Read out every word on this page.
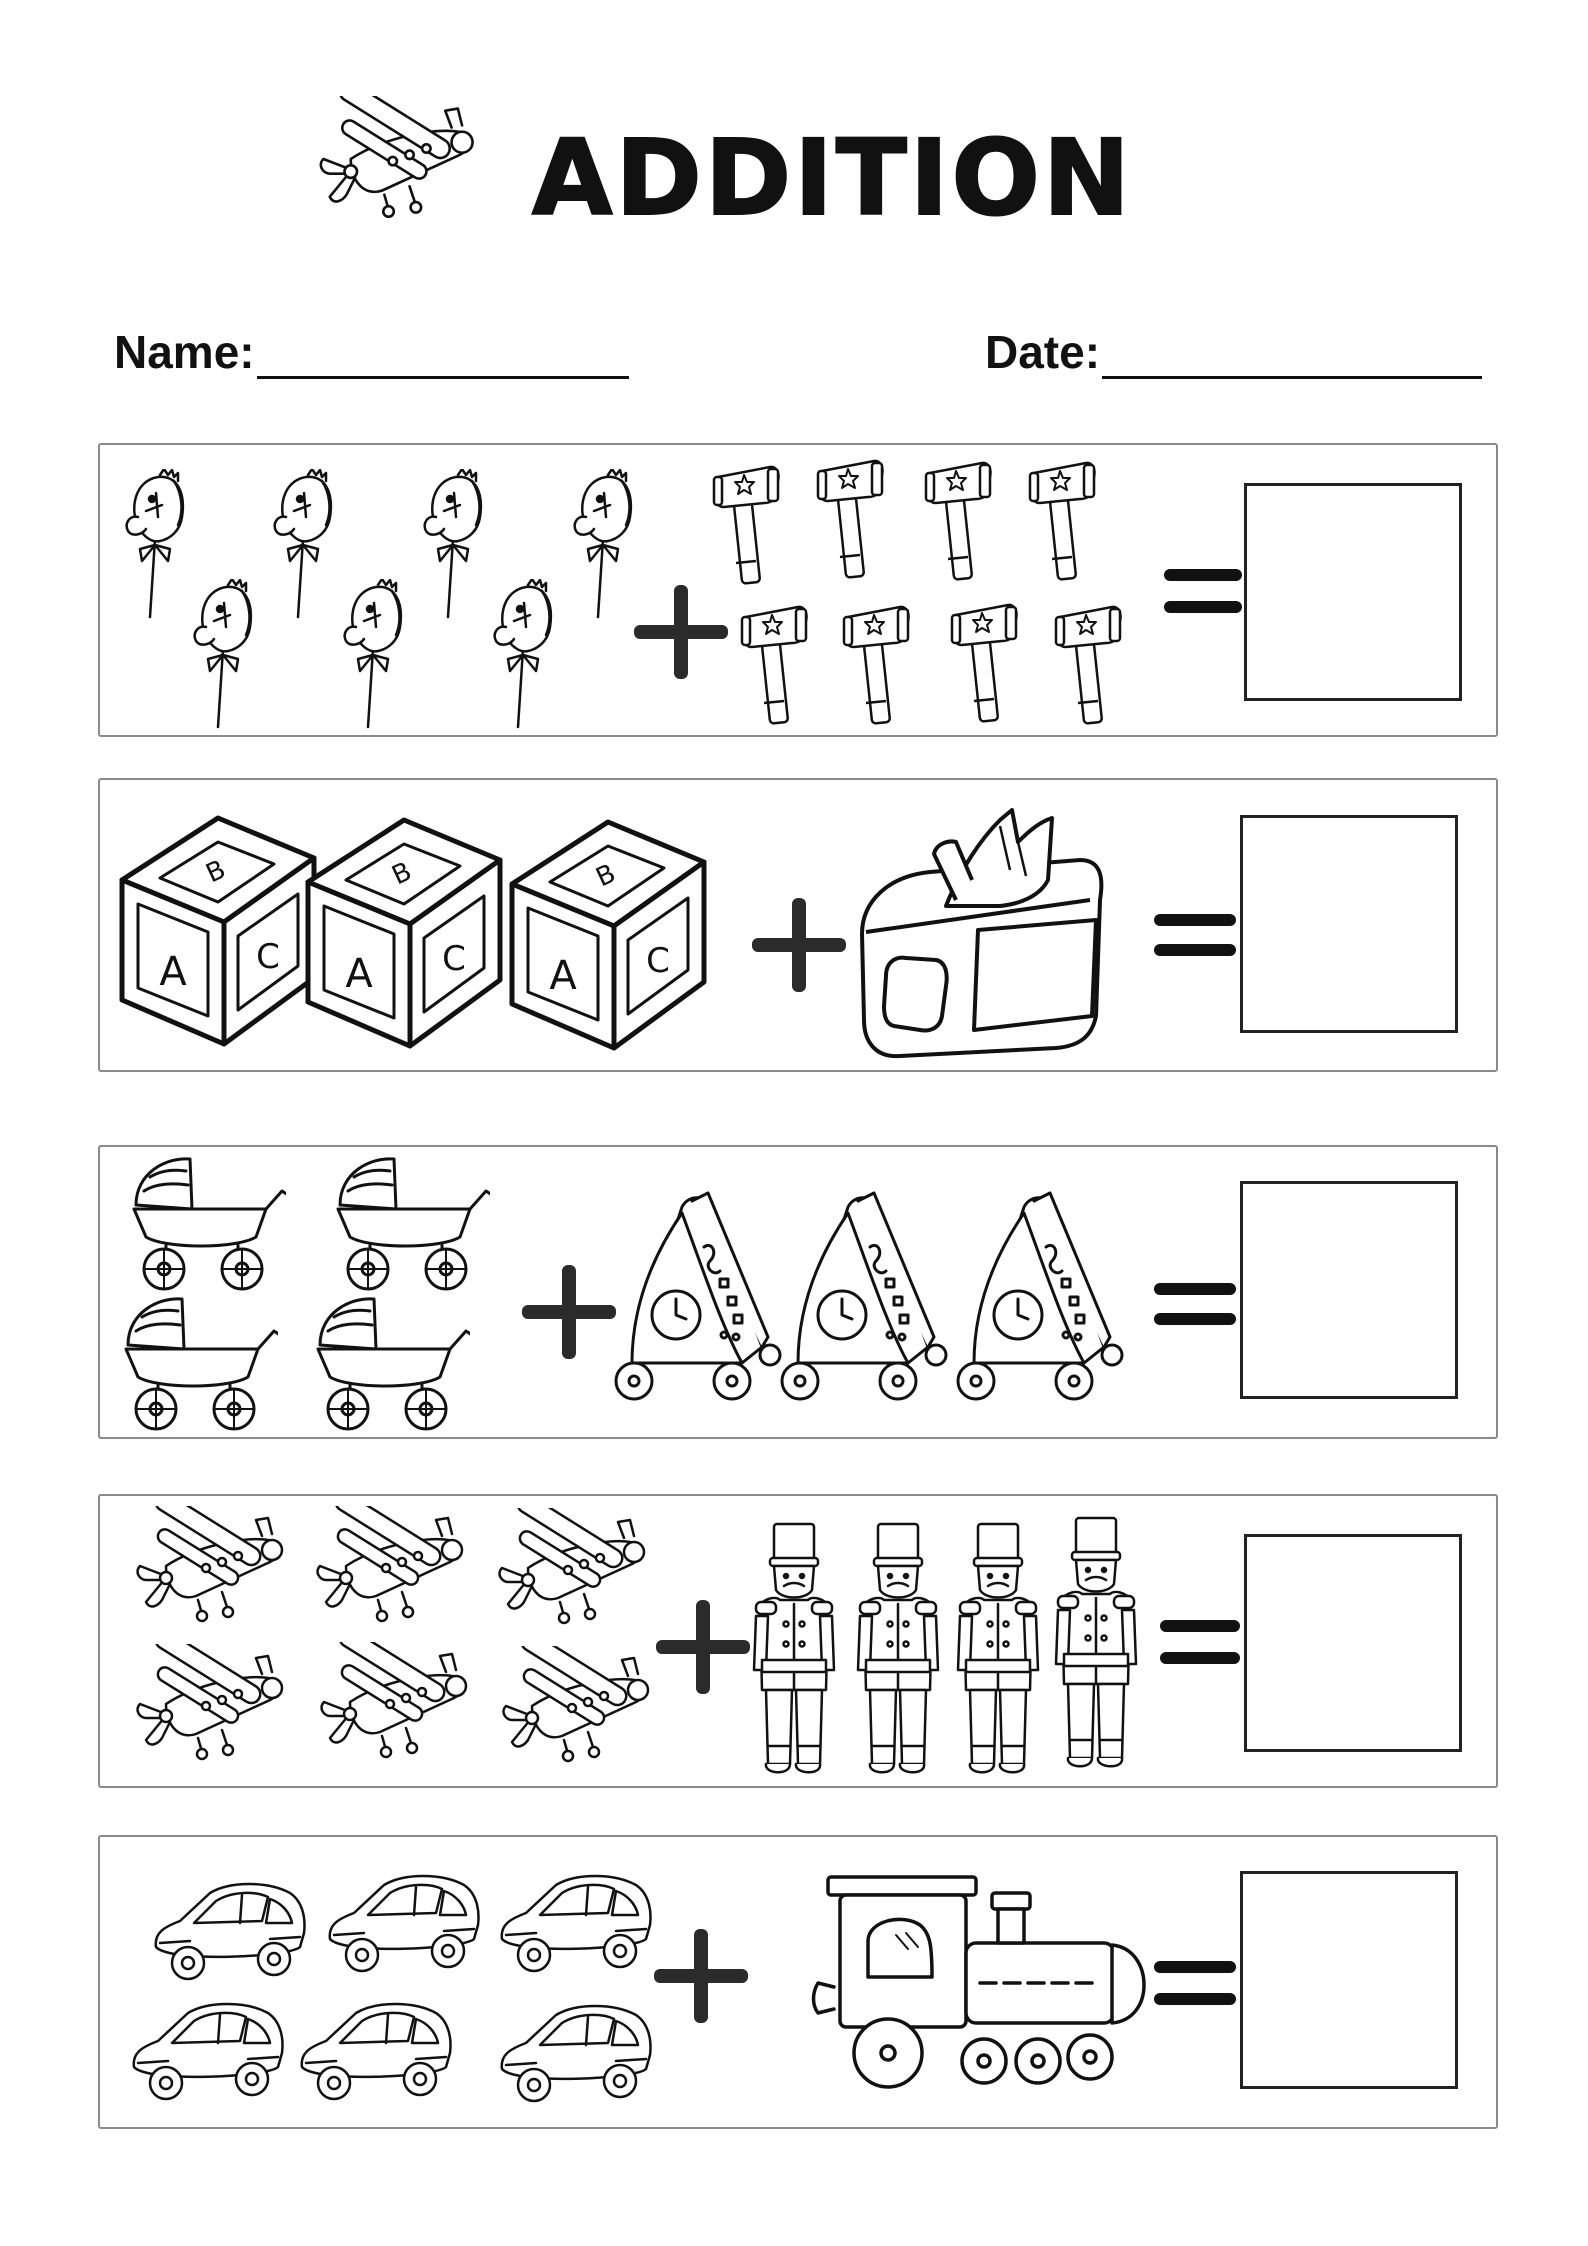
ADDITION
Name:	Date:
